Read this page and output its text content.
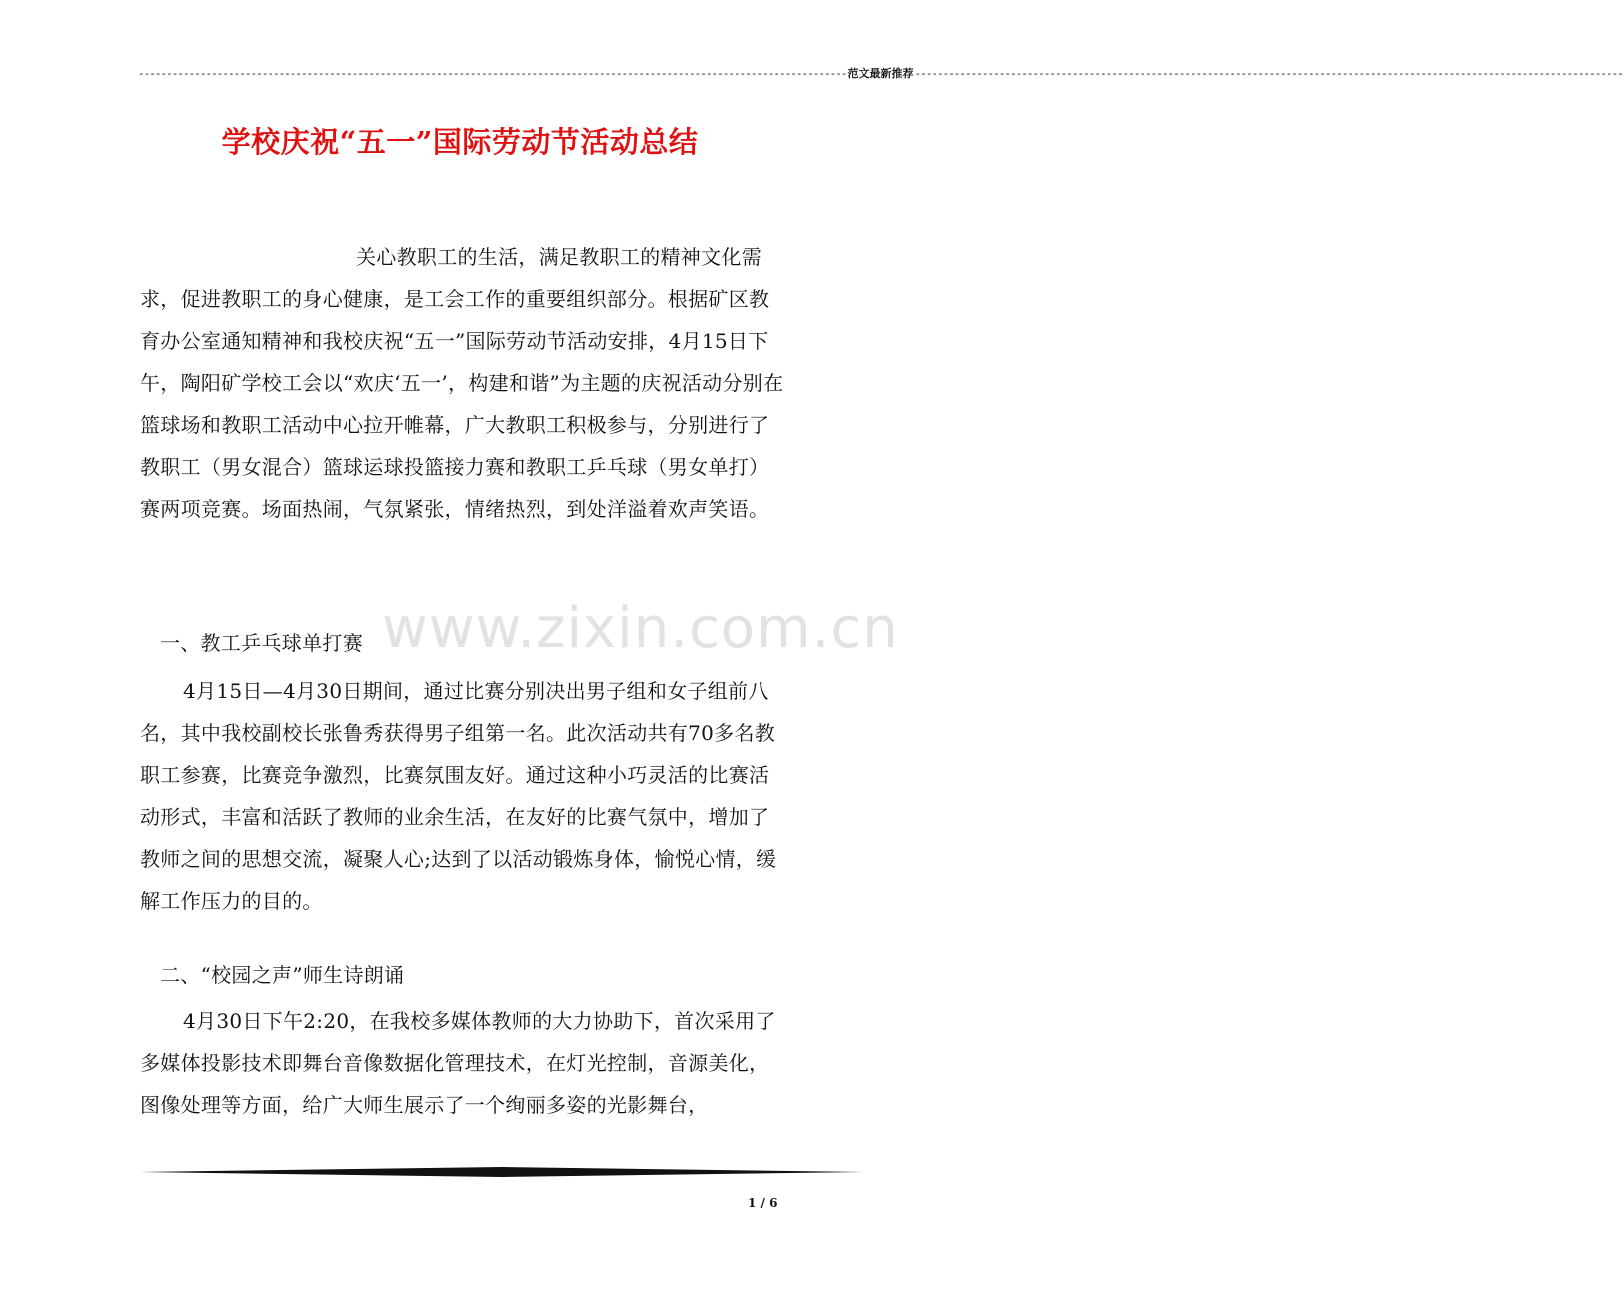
------------------------------------------------------------------------------------------------------------------------------ 范文最新推荐 ------------------------------------------------------------------------------------------------------------------------------
学校庆祝“五一”国际劳动节活动总结
关心教职工的生活，满足教职工的精神文化需求，促进教职工的身心健康，是工会工作的重要组织部分。根据矿区教育办公室通知精神和我校庆祝“五一”国际劳动节活动安排，4月15日下午，陶阳矿学校工会以“欢庆‘五一’，构建和谐”为主题的庆祝活动分别在篮球场和教职工活动中心拉开帷幕，广大教职工积极参与，分别进行了教职工（男女混合）篮球运球投篮接力赛和教职工乒乓球（男女单打）赛两项竞赛。场面热闹，气氛紧张，情绪热烈，到处洋溢着欢声笑语。
一、教工乒乓球单打赛
4月15日—4月30日期间，通过比赛分别决出男子组和女子组前八名，其中我校副校长张鲁秀获得男子组第一名。此次活动共有70多名教职工参赛，比赛竞争激烈，比赛氛围友好。通过这种小巧灵活的比赛活动形式，丰富和活跃了教师的业余生活，在友好的比赛气氛中，增加了教师之间的思想交流，凝聚人心;达到了以活动锻炼身体，愉悦心情，缓解工作压力的目的。
二、“校园之声”师生诗朗诵
4月30日下午2:20，在我校多媒体教师的大力协助下，首次采用了多媒体投影技术即舞台音像数据化管理技术，在灯光控制，音源美化，图像处理等方面，给广大师生展示了一个绚丽多姿的光影舞台，
www.zixin.com.cn
1 / 6
